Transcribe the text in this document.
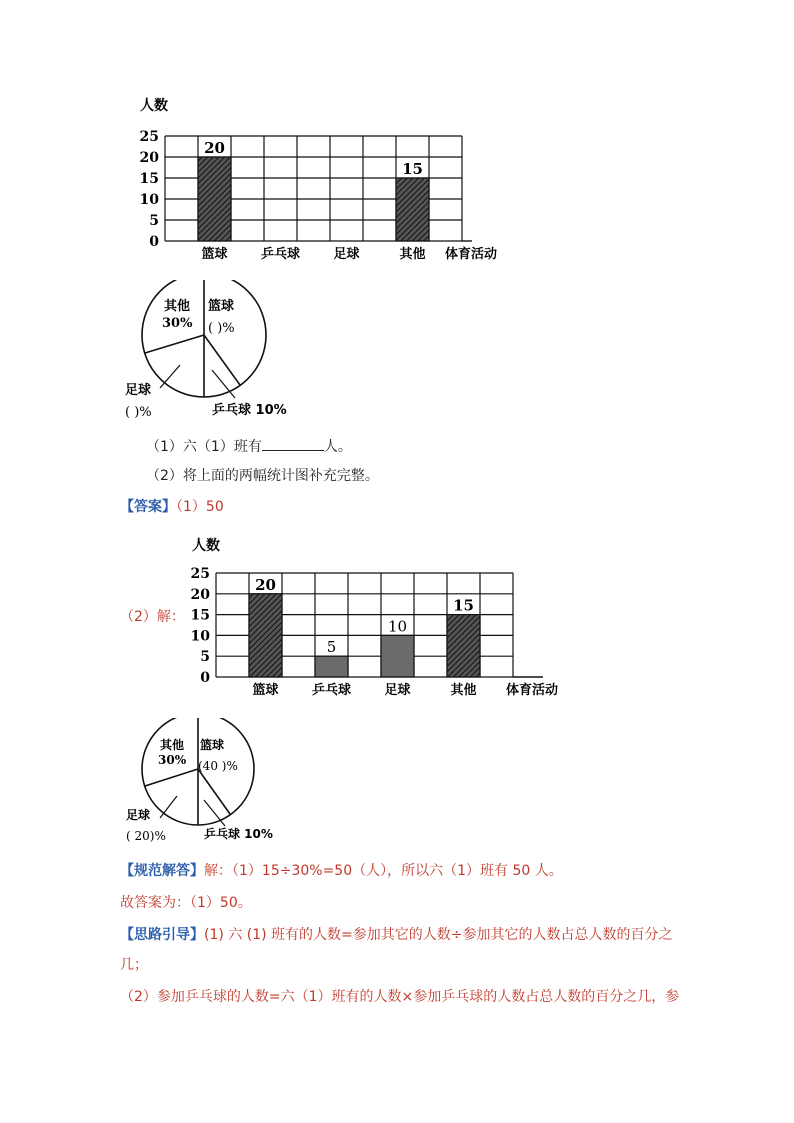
人数
0
5
10
15
20
25
20
篮球	乒乓球	足球
15
其他 体育活动
其他
30%
篮球
( )%
足球
( )%	乒乓球 10%
（1）六（1）班有	人。
（2）将上面的两幅统计图补充完整。
【答案】（1）50
（2）解：
人数
0
5
10
15
20
25
20
篮球
5
乒乓球
10
足球
15
其他 体育活动
其他
30%
篮球
(40 )%
足球
( 20)%	乒乓球 10%
【规范解答】解：（1）15÷30%=50（人），所以六（1）班有 50 人。
故答案为：（1）50。
【思路引导】(1) 六 (1) 班有的人数=参加其它的人数÷参加其它的人数占总人数的百分之
几；
（2）参加乒乓球的人数=六（1）班有的人数×参加乒乓球的人数占总人数的百分之几，参
